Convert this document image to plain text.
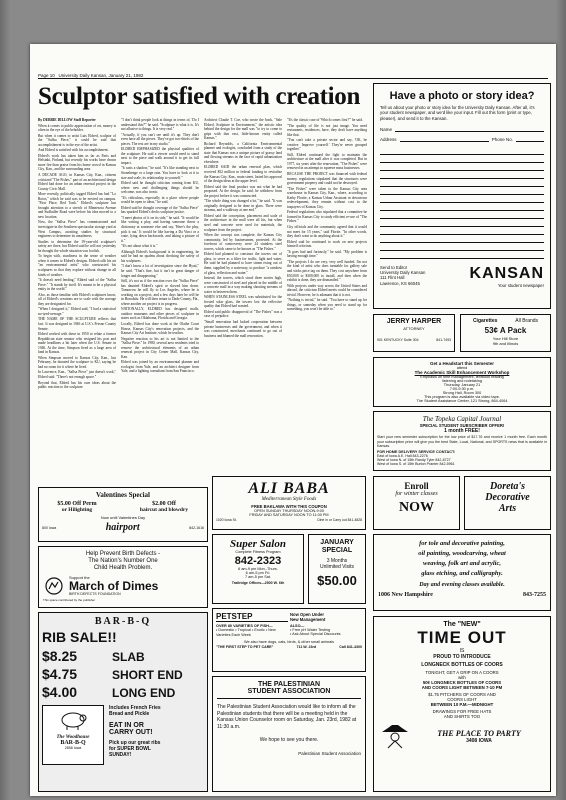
Page 10 University Daily Kansan, January 21, 1982
Sculptor satisfied with creation

By DEBBIE DILLOW Staff Reporter

When it comes to public appreciation of art, money is often in the eye of the beholder.

But when it comes to artist Luis Eldred, sculptor of the "Sallsa Piece," it could be said that accomplishment is in the eye of the artist.

And Eldred is satisfied with his accomplishment.

Eldred's work has taken him as far as Paris and Helsinki, Finland, but recently his works have drawn more fire than praise from his home crowd in Kansas City, Kan., and the surrounding area.

A DECADE AGO, in Kansas City, Kan., citizens criticized "The Fishes," part of an architectural design Eldred had done for an urban renewal project in the County Civic Mall.

More recently, politically tagged Eldred has had "Lo Rotos," which he said was to be erected on campus. "First Place, Red Tonk." Eldred's sculpture has brought attention to a stretch of Minnesota Avenue and Sudbuller Road were before his idea moved to a new location.

Now, the "Sallsa Piece" has commissioned and investigate in the Southern spectacular storage yard at West Campus, awaiting studies by structural engineers to determine its unsafeness.

Studies to determine the 19-year-old sculpture's safety are three, but Eldred said he will not yesterday he thought the whole situation was foolish.

To begin with, sturdiness in the sense of weather when it comes to Eldred's designs. Eldred calls his art "an environmental artist" who constructed his sculptures so that they explore without change in all kinds of weather.

"It doesn't need lending," Eldred said of the "Sallsa Piece." "It stands by itself. It's meant to be a physical entity in the world."

Also, as those familiar with Eldred's sculptures know, all of Eldred's creations are to scale with the acreage they are designated for.

"When I designed it," Eldred said, "I had a statistical no-tyed-average."

THE NAME OF THE SCULPTURE reflects that fact. It was designed in 1946 at U.S.'s Fresno County Senate.

Eldred worked with these in 1950 to relate a former Republican state senator who resigned his post and made headlines a bit later when the U.S. Senate in 1946. At the time, Simpson lived as a large area of land in Kansas.

When Simpson moved to Kansas City, Kan., last February, he donated the sculpture to KU, saying he had no room for it where he lived.

In Lawrence, Kan., "Sallsa Piece" just doesn't work," Eldred said. "There's not enough space."

Beyond that, Eldred has his own ideas about the public reaction to the sculpture.

"I don't think people look at things in terms of, 'Do I understand this?'" he said. "Sculpture is what it is. It's not allusive to things. It is very real."

"Actually, if you can't see until it's up. They don't even have all the pieces. They've got two-thirds of the pieces. The rest are in my studio."

ELDRED EMPHASIZED the physical qualities of the sculpture. He said a viewer would need to stand next to the piece and walk around it to get its full impact.

"It casts a shadow," he said. "It's like standing next to Stonehenge or a large ruin. You have to look at it to size and scale, its relationship to yourself."

Eldred said he thought criticism coming from KU, where new and challenging things should be welcome, was also ironic.

"It's ridiculous, especially in a place where people would be open to ideas," he said.

Eldred said he thought coverage of the "Sallsa Piece" has sparked Eldred's decks sculpture justice.

"I meet photos of it on its side," he said. "It would be like writing a play, and having someone throw a dictionary at someone else and say, 'Here's the play, pick it out.' It would be like having a Da Vinci or a crate, lying down backwards, and taking a picture of it."

"It's not about what it is."

Although Eldred's background is in engineering, he said he had no qualms about checking the safety of his sculptures.

"I don't know a lot of investigation since the Hyatt," he said. "That's fine, but it isn't in great danger of longer and disappearing."

Still, it's not as if the reaction over the "Sallsa Piece" has daunted Eldred's spirit or slowed him down. Tomorrow he will fly to Los Angeles, where he is working on a project, and a few days later he will be in Honolulu. He will then return to Dade County, Fla., where another art project is in progress.

NATIONALLY, ELDRED has designed malls, outdoor museums and other pieces of sculpture in states such as Oklahoma, Florida and Georgia.

Locally, Eldred has done work at the Olathe Court House, Kansas City's renovation projects, and the Kansas City Art Institute, which he teaches.

Negative reaction to his art is not limited to the "Sallsa Piece." In 1980, several area residents tried to remove the architectural elements of an urban renewal project in City Center Mall, Kansas City, Kan.

Eldred was joined by an environmental planner and ecologist from Yale, and an architect designer from Yale, and a lighting consultant from San Francisco.

Architect Claude T. Coe, who wrote the book, "Sale Eldred, Sculpture in Environment," the artistic idea behind the design for the mall was "to try to come to grips with that vast, little-known entity called Kansas."

Richard Reynolds, a California Environmental planner and ecologist, concluded from a study of the state that Kansas was a unique picture of grassy land and flowing streams in the face of rapid urbanization elsewhere.

ELDRED SAID the urban renewal plan, which received $52 million in federal funding to revitalize the Kansas City, Kan., main street, lasted his approval of the design ideas at the upper level.

Eldred said the final product was not what he had proposed. At the design, he said, he withdrew from the project before it was constructed.

"The whole thing was changed a lot," he said. "It was originally designed to be done in glass. There were streams, and a walkway at one end."

Eldred said the conception, placement and scale of the architecture in the mall were all his, but when steel and concrete were used for materials, the sculpture from the project.

When the concept was complete, the Kansas City community, led by businessmen, protested. At the forefront of controversy were 24 stainless steel towers, which came to be known as "The Fishes."

Eldred had planned to construct the towers out of glass, to serve as a filter for traffic, light and water. He said he had planned to have steam rising out of them, supplied by a waterway, to produce "a rainbow of glass, reflection and water."

Instead, the towers, which stood three stories high, were constructed of steel and placed in the middle of a concrete mall in a way making shooting streams of water in between them.

WHEN STAINLESS STEEL was substituted for the frosted solar glass, the towers lost the reflective quality that Eldred had wanted.

Eldred said public disapproval of "The Fishes" was a case of prejudice.

"Small renovation had lacked cooperation between private businesses and the government, and when it was constructed, merchants continued to go out of business and blamed the mall renovation.

"It's the classic case of 'Which comes first?'" he said.

"The quality of life is not just image. You need restaurants, residences, have, they don't have anything like that.

"You can't take a private sector and say, 'OK, be creative. Improve yourself.' They're never grouped together."

Still, Eldred continued the fight to maintain the architecture at the mall after it was completed. But in 1977, six years after the renovation, "The Fishes" were removed in an attempt to squeeze mass businesses.

BECAUSE THE PROJECT was financed with federal money, regulations stipulated that the structures were government property and could not be destroyed.

"The Fishes" were taken to the Kansas City area warehouse in Kansas City, Kan., where, according to Kathy Florite, a Kansas Urban Assistant in downtown redevelopment, they remain without cost to the taxpayers of Kansas City.

Federal regulations also stipulated that a committee be formed in Kansas City to study efficient re-use of "The Fishes."

City officials and the community agreed that it would not meet for 15 years," said Florite. "In other words, they don't want to do anything about it."

Eldred said he continued to work on new projects himself criticism.

"It goes bad and furiously," he said. "My problem is having enough time."

"The projects I do are very, very well funded. I'm not the kind of artist who does turntable for gallery sale and sticks price tag on them. They cost anywhere from $50,000 to $300,000 to install, and then when the exhibit is done, they are dismantled."

With projects under way across the United States and abroad, the criticism Eldred meets could be considered trivial. However, he is adamant that it is not.

"Nothing is trivial," he said. "You have to stand up for things, or someday when you need to stand up for something, you won't be able to."

Have a photo or story idea?
Tell us about your photo or story idea for the University Daily Kansan. After all, it's your student newspaper, and we'd like your input. Fill out this form (print or type, please!), and send it to the Kansan.
Name
Address	Phone No.
Send to Editor
University Daily Kansan
111 Flint Hall
Lawrence, KS 66045
KANSAN
Your student newspaper
JERRY HARPER
ATTORNEY
901 KENTUCKY Suite 304	841-7493
Cigarettes	All Brands
53¢ A Pack
Your Hill Store
9th and Illinois
Get a Headstart this Semester
attend
The Academic Skill Enhancement Workshop
Emphasis on time management, textbook reading
listening and notetaking
Thursday, January 21
7:00-9:30 p.m.
Strong Hall, Room 300
This program is also available via video tape.
The Student Assistance Center, 121 Strong, 864-4064
The Topeka Capital Journal
SPECIAL STUDENT SUBSCRIBER OFFER!
1 month FREE!
Start your new semester subscription for the low price of $17.76 and receive 1 month free. Each month your subscription price will give you the best State, Local, National, and SPORTS news that is available in Kansas.
FOR HOME DELIVERY SERVICE CONTACT:
East of Iowa A.E. Hall 843-2276
West of Iowa N. of 15th Randy Tyler 842-8727
West of Iowa S. of 15th Burton Pranter 842-5961
ALI BABA
Mediterranean Style Foods
FREE BAKLAWA WITH THIS COUPON
OPEN SUNDAY THURSDAY NOON-9:00
FRIDAY AND SATURDAY NOON TO 11:00 PM
1020 Iowa St.	Dine in or Carry out 841-4828
Enroll
for winter classes
NOW
Doreta's
Decorative
Arts
Valentines Special
$5.00 Off Perm
or Hilighting
$2.00 Off
haircut and blowdry
Now until Valentines Day
800 Iowa	hairport	842-1616
Super Salon
Complete Fitness Program
842-2323
6 am-9 pm Mon.-Thurs.
6 am-5 pm Fri.
7 am-5 pm Sat.
Trailridge Offices—2500 W. 6th
JANUARY SPECIAL
3 Months
Unlimited Visits
$50.00
for tole and decorative painting,
oil painting, woodcarving, wheat
weaving, folk art and acrylic,
glass etching, and calligraphy.
Day and evening classes available.
1006 New Hampshire	843-7255
Help Prevent Birth Defects -
The Nation's Number One
Child Health Problem.
Support the
March of Dimes
BIRTH DEFECTS FOUNDATION
This space contributed by the publisher
PETSTEP
OVER 80 VARIETIES OF FISH—
• Domestic • Tropical • Exotic • New Varieties Each Week
Now Open Under
New Management
ALSO—
• Free pH Water Testing
• Ask About Special Discounts
We also have dogs, cats, birds, & other small animals
"THE FIRST STEP TO PET CARE"	711 W. 23rd	Call 841-4300
BAR-B-Q
RIB SALE!!
$8.25	SLAB
$4.75	SHORT END
$4.00	LONG END
The Woodhouse
BAR-B-Q
2858 Iowa
Includes French Fries
Bread and Pickle
EAT IN OR
CARRY OUT!
Pick up our great ribs
for SUPER BOWL
SUNDAY!
THE PALESTINIAN
STUDENT ASSOCIATION
The Palestinian Student Association would like to inform all the Palestinian students that there will be a meeting held in the Kansas Union Counselor room on Saturday, Jan. 23rd, 1982 at 11:30 a.m.
We hope to see you there.
Palestinian Student Association
The "NEW"
TIME OUT
IS
PROUD TO INTRODUCE
LONGNECK BOTTLES OF COORS
TONIGHT, GET A GRIP ON A COORS
with
50¢ LONGNECK BOTTLES OF COORS
AND COORS LIGHT BETWEEN 7-10 PM
$1.75 PITCHERS OF COORS AND
COORS LIGHT
BETWEEN 10 P.M.—MIDNIGHT
DRAWINGS FOR FREE HATS
AND SHIRTS TOO
THE PLACE TO PARTY
3408 IOWA
